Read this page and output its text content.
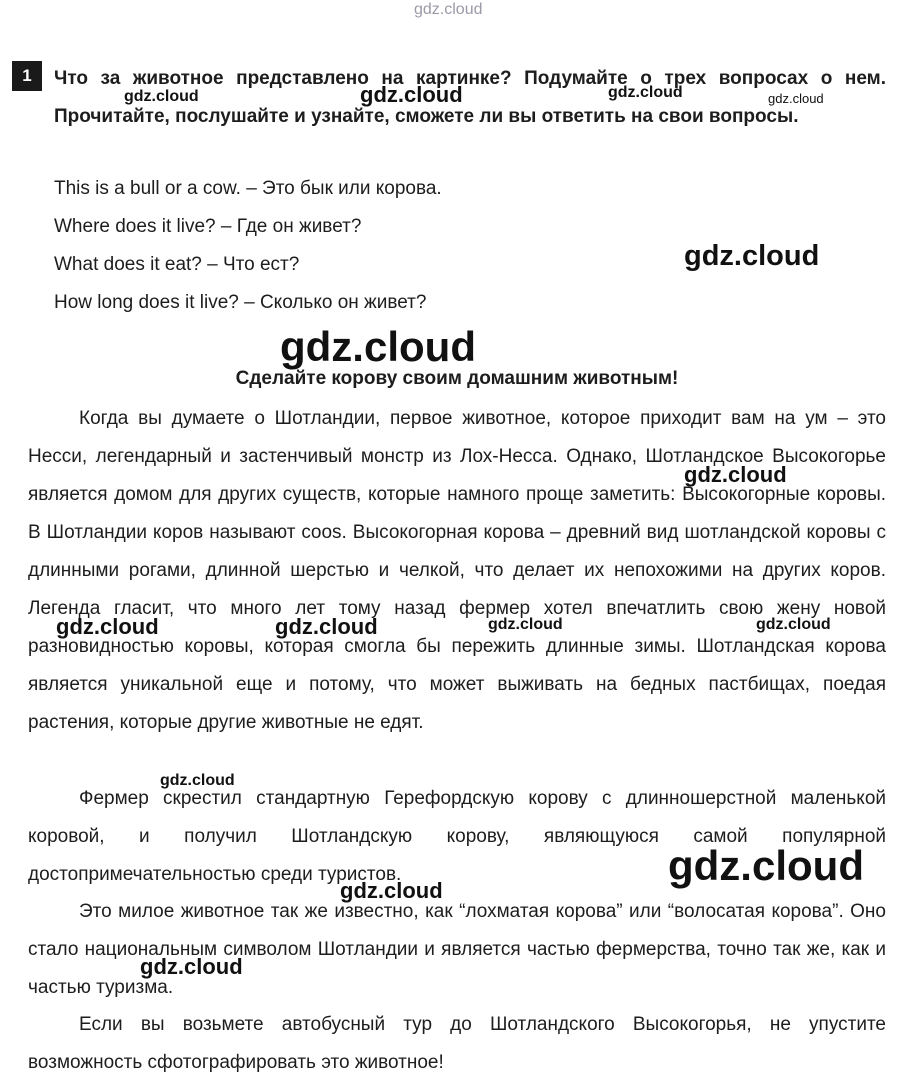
gdz.cloud
1	Что за животное представлено на картинке? Подумайте о трех вопросах о нем. Прочитайте, послушайте и узнайте, сможете ли вы ответить на свои вопросы.

This is a bull or a cow. – Это бык или корова.

Where does it live? – Где он живет?

What does it eat? – Что ест?

How long does it live? – Сколько он живет?

Сделайте корову своим домашним животным!

Когда вы думаете о Шотландии, первое животное, которое приходит вам на ум – это Несси, легендарный и застенчивый монстр из Лох-Несса. Однако, Шотландское Высокогорье является домом для других существ, которые намного проще заметить: Высокогорные коровы. В Шотландии коров называют coos. Высокогорная корова – древний вид шотландской коровы с длинными рогами, длинной шерстью и челкой, что делает их непохожими на других коров. Легенда гласит, что много лет тому назад фермер хотел впечатлить свою жену новой разновидностью коровы, которая смогла бы пережить длинные зимы. Шотландская корова является уникальной еще и потому, что может выживать на бедных пастбищах, поедая растения, которые другие животные не едят.

Фермер скрестил стандартную Герефордскую корову с длинношерстной маленькой коровой, и получил Шотландскую корову, являющуюся самой популярной достопримечательностью среди туристов.

Это милое животное так же известно, как “лохматая корова” или “волосатая корова”. Оно стало национальным символом Шотландии и является частью фермерства, точно так же, как и частью туризма.

Если вы возьмете автобусный тур до Шотландского Высокогорья, не упустите возможность сфотографировать это животное!

gdz.cloud	gdz.cloud	gdz.cloud	gdz.cloud
gdz.cloud
gdz.cloud
gdz.cloud
gdz.cloud	gdz.cloud	gdz.cloud	gdz.cloud
gdz.cloud
gdz.cloud
gdz.cloud
gdz.cloud
